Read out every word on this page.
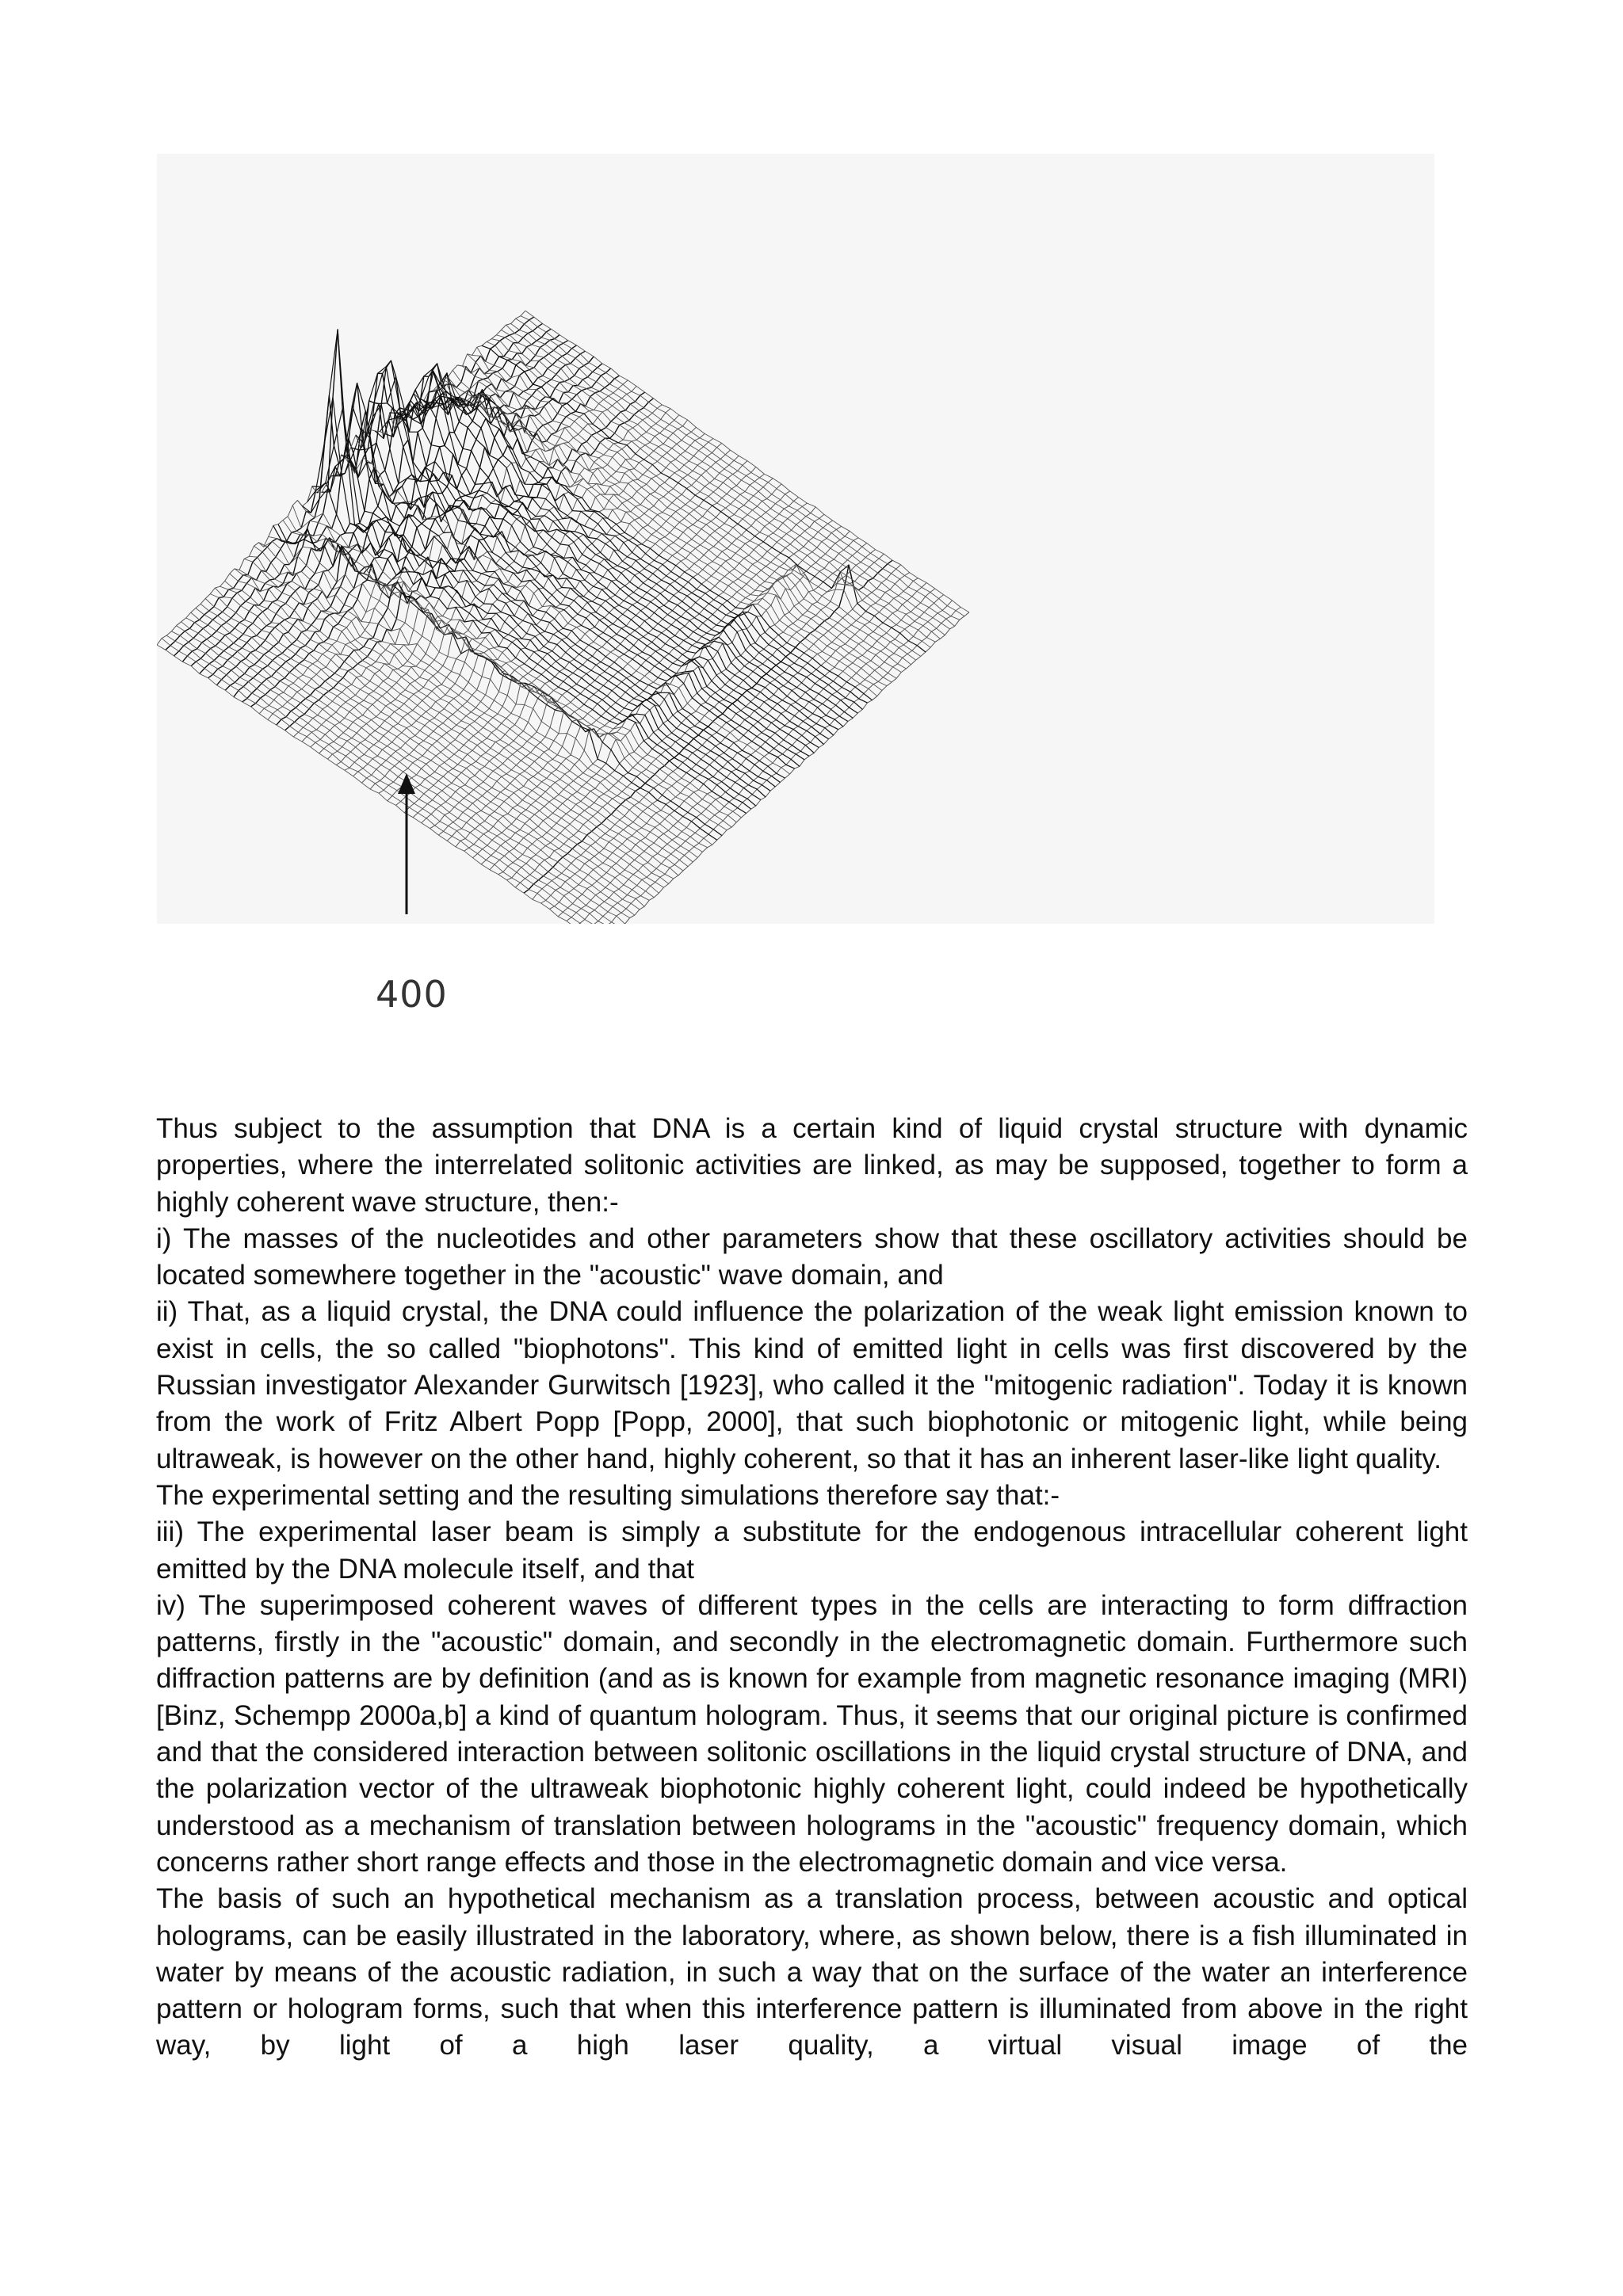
400

Thus subject to the assumption that DNA is a certain kind of liquid crystal structure with dynamic properties, where the interrelated solitonic activities are linked, as may be supposed, together to form a highly coherent wave structure, then:-

i) The masses of the nucleotides and other parameters show that these oscillatory activities should be located somewhere together in the "acoustic" wave domain, and

ii) That, as a liquid crystal, the DNA could influence the polarization of the weak light emission known to exist in cells, the so called "biophotons". This kind of emitted light in cells was first discovered by the Russian investigator Alexander Gurwitsch [1923], who called it the "mitogenic radiation". Today it is known from the work of Fritz Albert Popp [Popp, 2000], that such biophotonic or mitogenic light, while being ultraweak, is however on the other hand, highly coherent, so that it has an inherent laser-like light quality.

The experimental setting and the resulting simulations therefore say that:-

iii) The experimental laser beam is simply a substitute for the endogenous intracellular coherent light emitted by the DNA molecule itself, and that

iv) The superimposed coherent waves of different types in the cells are interacting to form diffraction patterns, firstly in the "acoustic" domain, and secondly in the electromagnetic domain. Furthermore such diffraction patterns are by definition (and as is known for example from magnetic resonance imaging (MRI) [Binz, Schempp 2000a,b] a kind of quantum hologram. Thus, it seems that our original picture is confirmed and that the considered interaction between solitonic oscillations in the liquid crystal structure of DNA, and the polarization vector of the ultraweak biophotonic highly coherent light, could indeed be hypothetically understood as a mechanism of translation between holograms in the "acoustic" frequency domain, which concerns rather short range effects and those in the electromagnetic domain and vice versa.

The basis of such an hypothetical mechanism as a translation process, between acoustic and optical holograms, can be easily illustrated in the laboratory, where, as shown below, there is a fish illuminated in water by means of the acoustic radiation, in such a way that on the surface of the water an interference pattern or hologram forms, such that when this interference pattern is illuminated from above in the right way, by light of a high laser quality, a virtual visual image of the
